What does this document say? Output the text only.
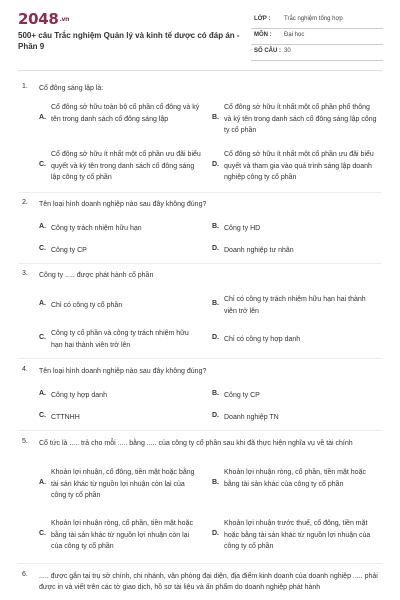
2048.vn
500+ câu Trắc nghiệm Quản lý và kinh tế dược có đáp án - Phần 9
LỚP : Trắc nghiệm tổng hợp
MÔN : Đại học
SỐ CÂU : 30
1. Cổ đông sáng lập là:
A.
Cổ đông sở hữu toàn bộ cổ phần cổ đông và ký tên trong danh sách cổ đông sáng lập	B.
Cổ đông sở hữu ít nhất một cổ phần phổ thông và ký tên trong danh sách cổ đông sáng lập công ty cổ phần
C.
Cổ đông sở hữu ít nhất một cổ phần ưu đãi biểu quyết và ký tên trong danh sách cổ đông sáng lập công ty cổ phần
D.
Cổ đông sở hữu ít nhất một cổ phần ưu đãi biểu quyết và tham gia vào quá trình sáng lập doanh nghiệp công ty cổ phần
2. Tên loại hình doanh nghiệp nào sau đây không đúng?
A. Công ty trách nhiệm hữu hạn	B. Công ty HD
C. Công ty CP	D. Doanh nghiệp tư nhân
3. Công ty ..... được phát hành cổ phần
A. Chỉ có công ty cổ phần	B.
Chỉ có công ty trách nhiệm hữu hạn hai thành viên trở lên
C.
Công ty cổ phần và công ty trách nhiệm hữu hạn hai thành viên trở lên
D. Chỉ có công ty hợp danh
4. Tên loại hình doanh nghiệp nào sau đây không đúng?
A. Công ty hợp danh	B. Công ty CP
C. CTTNHH	D. Doanh nghiệp TN
5. Cổ tức là ..... trả cho mỗi ..... bằng ..... của công ty cổ phần sau khi đã thực hiện nghĩa vụ về tài chính
A.
Khoản lợi nhuận, cổ đông, tiền mặt hoặc bằng tài sản khác từ nguồn lợi nhuận còn lại của công ty cổ phần
B.
Khoản lợi nhuận ròng, cổ phần, tiền mặt hoặc bằng tài sản khác của công ty cổ phần
C.
Khoản lợi nhuận ròng, cổ phần, tiền mặt hoặc bằng tài sản khác từ nguồn lợi nhuận còn lại của công ty cổ phần
D.
Khoản lợi nhuận trước thuế, cổ đông, tiền mặt hoặc bằng tài sản khác từ nguồn lợi nhuận của công ty cổ phần
6. ..... được gắn tại trụ sở chính, chi nhánh, văn phòng đại diện, địa điểm kinh doanh của doanh nghiệp ..... phải được in và viết trên các tờ giao dịch, hồ sơ tài liệu và ấn phẩm do doanh nghiệp phát hành
